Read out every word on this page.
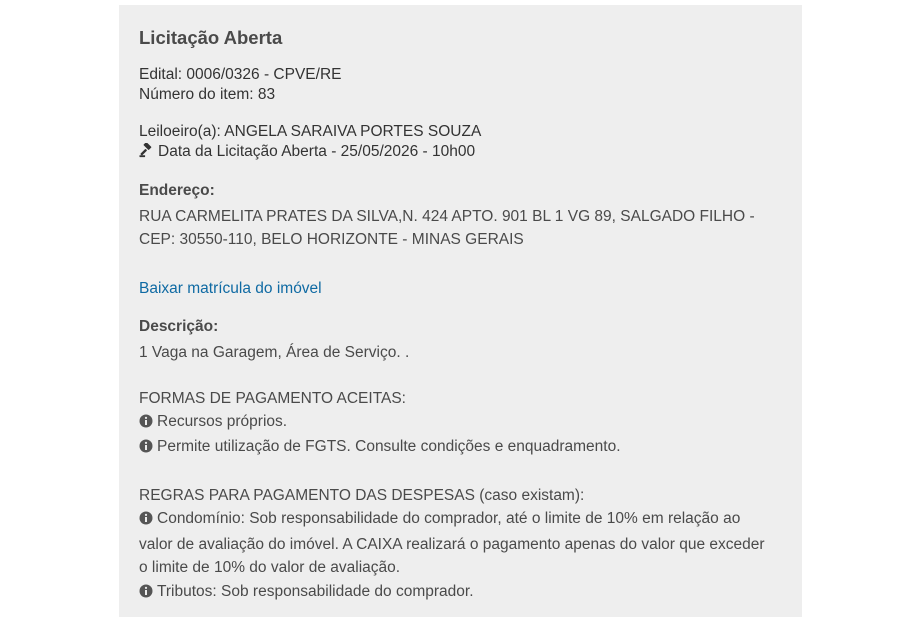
Licitação Aberta
Edital: 0006/0326 - CPVE/RE
Número do item: 83
Leiloeiro(a): ANGELA SARAIVA PORTES SOUZA
Data da Licitação Aberta - 25/05/2026 - 10h00
Endereço:
RUA CARMELITA PRATES DA SILVA,N. 424 APTO. 901 BL 1 VG 89, SALGADO FILHO -
CEP: 30550-110, BELO HORIZONTE - MINAS GERAIS
Baixar matrícula do imóvel
Descrição:
1 Vaga na Garagem, Área de Serviço. .
FORMAS DE PAGAMENTO ACEITAS:
Recursos próprios.
Permite utilização de FGTS. Consulte condições e enquadramento.
REGRAS PARA PAGAMENTO DAS DESPESAS (caso existam):
Condomínio: Sob responsabilidade do comprador, até o limite de 10% em relação ao
valor de avaliação do imóvel. A CAIXA realizará o pagamento apenas do valor que exceder
o limite de 10% do valor de avaliação.
Tributos: Sob responsabilidade do comprador.
